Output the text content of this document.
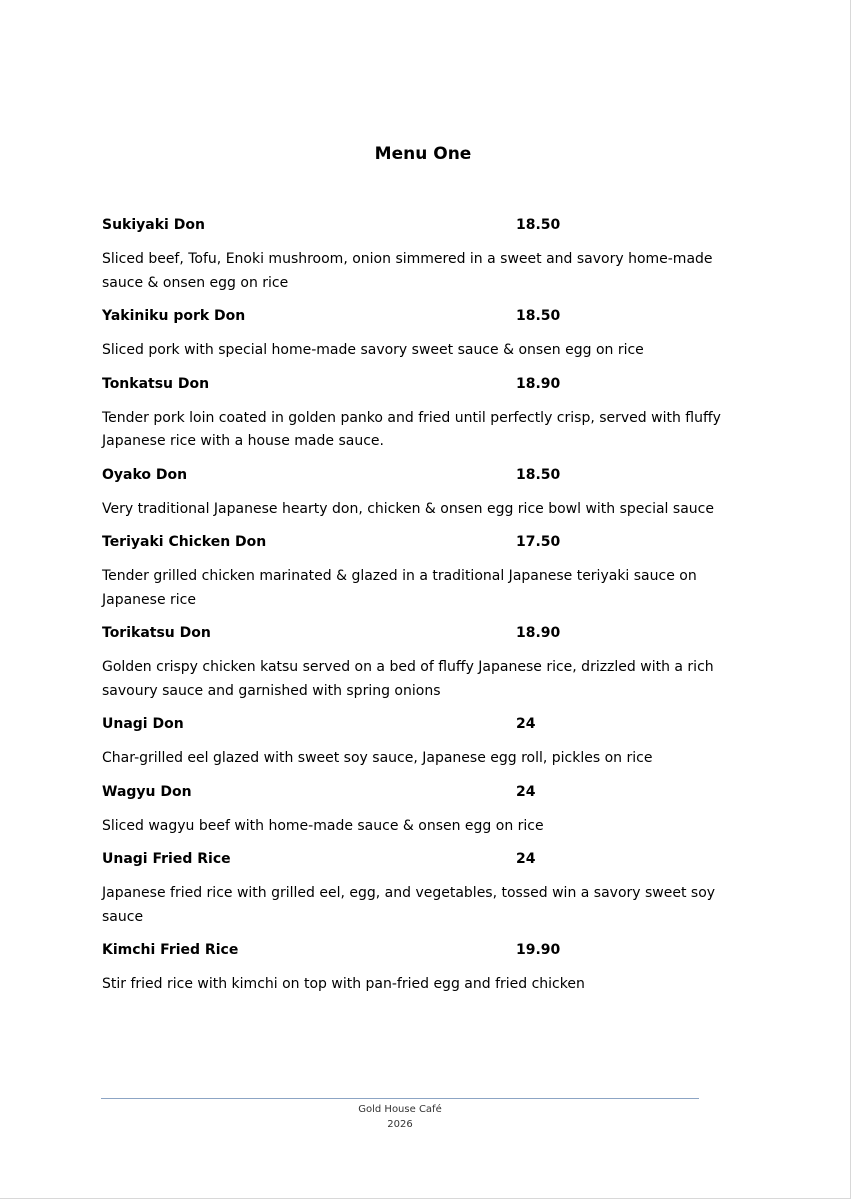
Menu One
Sukiyaki Don	18.50
Sliced beef, Tofu, Enoki mushroom, onion simmered in a sweet and savory home-made sauce & onsen egg on rice
Yakiniku pork Don	18.50
Sliced pork with special home-made savory sweet sauce & onsen egg on rice
Tonkatsu Don	18.90
Tender pork loin coated in golden panko and fried until perfectly crisp, served with fluffy Japanese rice with a house made sauce.
Oyako Don	18.50
Very traditional Japanese hearty don, chicken & onsen egg rice bowl with special sauce
Teriyaki Chicken Don	17.50
Tender grilled chicken marinated & glazed in a traditional Japanese teriyaki sauce on Japanese rice
Torikatsu Don	18.90
Golden crispy chicken katsu served on a bed of fluffy Japanese rice, drizzled with a rich savoury sauce and garnished with spring onions
Unagi Don	24
Char-grilled eel glazed with sweet soy sauce, Japanese egg roll, pickles on rice
Wagyu Don	24
Sliced wagyu beef with home-made sauce & onsen egg on rice
Unagi Fried Rice	24
Japanese fried rice with grilled eel, egg, and vegetables, tossed win a savory sweet soy sauce
Kimchi Fried Rice	19.90
Stir fried rice with kimchi on top with pan-fried egg and fried chicken
Gold House Café
2026
